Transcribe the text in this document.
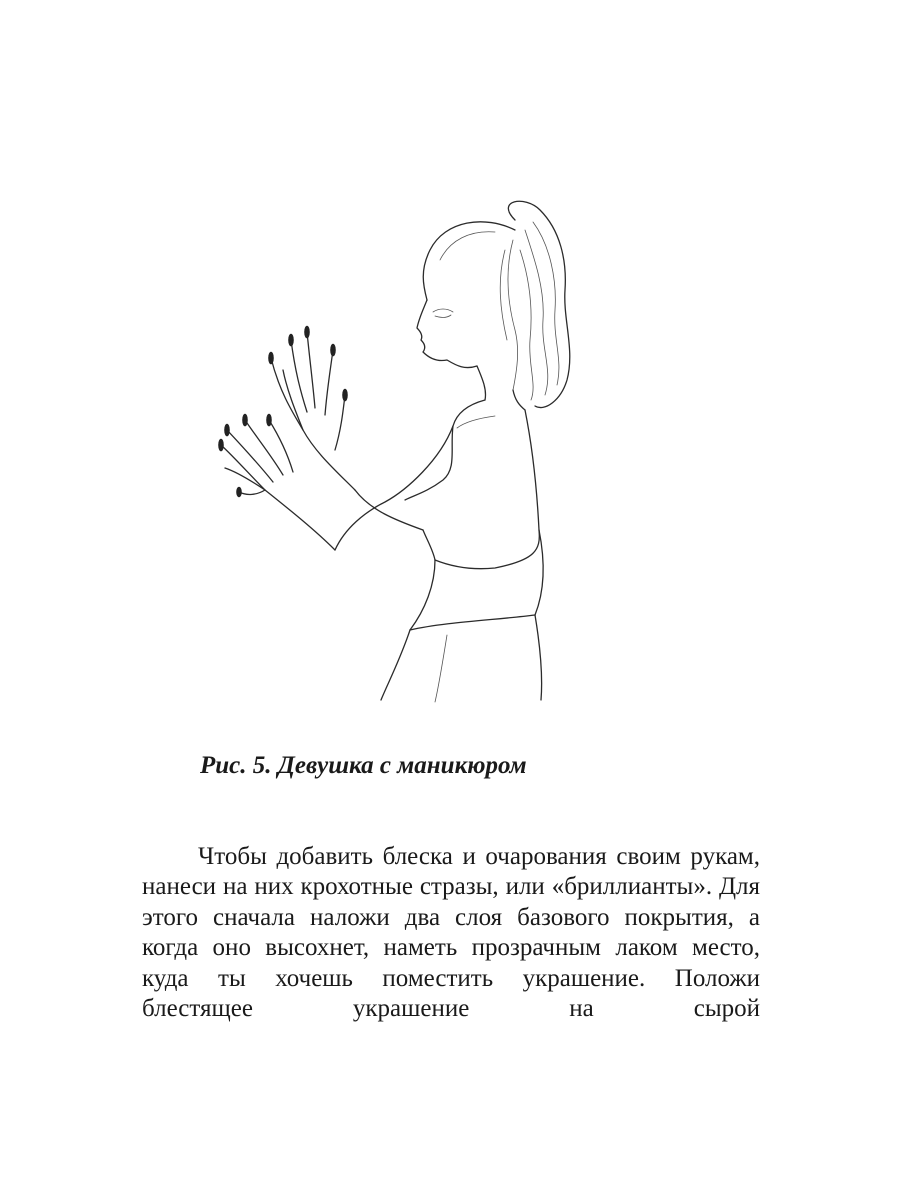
Рис. 5. Девушка с маникюром

Чтобы добавить блеска и очарования своим рукам, нанеси на них крохотные стразы, или «бриллианты». Для этого сначала наложи два слоя базового покрытия, а когда оно высохнет, наметь прозрачным лаком место, куда ты хочешь поместить украшение. Положи блестящее украшение на сырой
